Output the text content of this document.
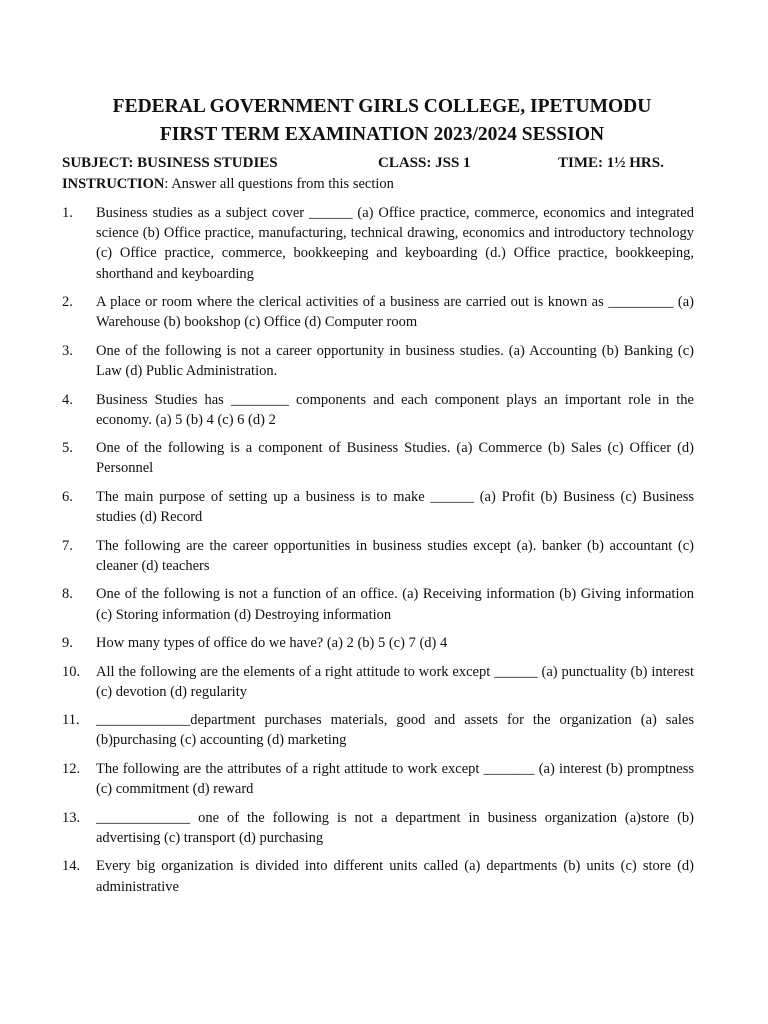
FEDERAL GOVERNMENT GIRLS COLLEGE, IPETUMODU
FIRST TERM EXAMINATION 2023/2024 SESSION
SUBJECT: BUSINESS STUDIES	CLASS: JSS 1	TIME: 1½ HRS.

INSTRUCTION: Answer all questions from this section

1.	Business studies as a subject cover ______ (a) Office practice, commerce, economics and integrated science (b) Office practice, manufacturing, technical drawing, economics and introductory technology (c) Office practice, commerce, bookkeeping and keyboarding (d.) Office practice, bookkeeping, shorthand and keyboarding
2.	A place or room where the clerical activities of a business are carried out is known as _________ (a) Warehouse (b) bookshop (c) Office (d) Computer room
3.	One of the following is not a career opportunity in business studies. (a) Accounting (b) Banking (c) Law (d) Public Administration.
4.	Business Studies has ________ components and each component plays an important role in the economy. (a) 5 (b) 4 (c) 6 (d) 2
5.	One of the following is a component of Business Studies. (a) Commerce (b) Sales (c) Officer (d) Personnel
6.	The main purpose of setting up a business is to make ______ (a) Profit (b) Business (c) Business studies (d) Record
7.	The following are the career opportunities in business studies except (a). banker (b) accountant (c) cleaner (d) teachers
8.	One of the following is not a function of an office. (a) Receiving information (b) Giving information (c) Storing information (d) Destroying information
9.	How many types of office do we have? (a) 2 (b) 5 (c) 7 (d) 4
10.	All the following are the elements of a right attitude to work except ______ (a) punctuality (b) interest (c) devotion (d) regularity
11.	_____________department purchases materials, good and assets for the organization (a) sales (b)purchasing (c) accounting (d) marketing
12.	The following are the attributes of a right attitude to work except _______ (a) interest (b) promptness (c) commitment (d) reward
13.	_____________ one of the following is not a department in business organization (a)store (b) advertising (c) transport (d) purchasing
14.	Every big organization is divided into different units called (a) departments (b) units (c) store (d) administrative
